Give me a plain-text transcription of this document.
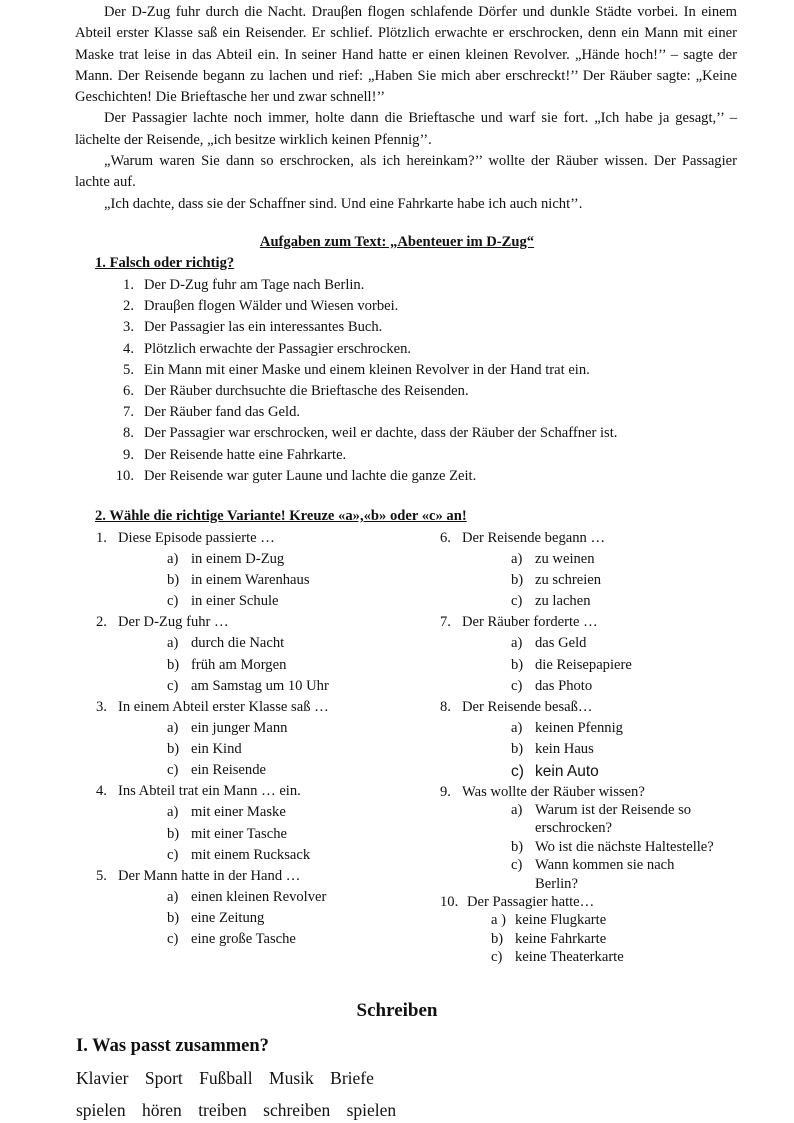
Der D-Zug fuhr durch die Nacht. Drauβen flogen schlafende Dörfer und dunkle Städte vorbei. In einem Abteil erster Klasse saß ein Reisender. Er schlief. Plötzlich erwachte er erschrocken, denn ein Mann mit einer Maske trat leise in das Abteil ein. In seiner Hand hatte er einen kleinen Revolver. „Hände hoch!’’ – sagte der Mann. Der Reisende begann zu lachen und rief: „Haben Sie mich aber erschreckt!’’ Der Räuber sagte: „Keine Geschichten! Die Brieftasche her und zwar schnell!’’

Der Passagier lachte noch immer, holte dann die Brieftasche und warf sie fort. „Ich habe ja gesagt,’’ – lächelte der Reisende, „ich besitze wirklich keinen Pfennig’’.

„Warum waren Sie dann so erschrocken, als ich hereinkam?’’ wollte der Räuber wissen. Der Passagier lachte auf.

„Ich dachte, dass sie der Schaffner sind. Und eine Fahrkarte habe ich auch nicht’’.

Aufgaben zum Text: „Abenteuer im D-Zug“
1. Falsch oder richtig?
1. Der D-Zug fuhr am Tage nach Berlin.
2. Drauβen flogen Wälder und Wiesen vorbei.
3. Der Passagier las ein interessantes Buch.
4. Plötzlich erwachte der Passagier erschrocken.
5. Ein Mann mit einer Maske und einem kleinen Revolver in der Hand trat ein.
6. Der Räuber durchsuchte die Brieftasche des Reisenden.
7. Der Räuber fand das Geld.
8. Der Passagier war erschrocken, weil er dachte, dass der Räuber der Schaffner ist.
9. Der Reisende hatte eine Fahrkarte.
10. Der Reisende war guter Laune und lachte die ganze Zeit.
2. Wähle die richtige Variante! Kreuze «a»,«b» oder «c» an!
1. Diese Episode passierte …
a) in einem D-Zug
b) in einem Warenhaus
c) in einer Schule
2. Der D-Zug fuhr …
a) durch die Nacht
b) früh am Morgen
c) am Samstag um 10 Uhr
3. In einem Abteil erster Klasse saß …
a) ein junger Mann
b) ein Kind
c) ein Reisende
4. Ins Abteil trat ein Mann … ein.
a) mit einer Maske
b) mit einer Tasche
c) mit einem Rucksack
5. Der Mann hatte in der Hand …
a) einen kleinen Revolver
b) eine Zeitung
c) eine große Tasche
6. Der Reisende begann …
a) zu weinen
b) zu schreien
c) zu lachen
7. Der Räuber forderte …
a) das Geld
b) die Reisepapiere
c) das Photo
8. Der Reisende besaß…
a) keinen Pfennig
b) kein Haus
c) kein Auto
9. Was wollte der Räuber wissen?
a) Warum ist der Reisende so
erschrocken?
b) Wo ist die nächste Haltestelle?
c) Wann kommen sie nach
Berlin?
10. Der Passagier hatte…
a ) keine Flugkarte
b) keine Fahrkarte
c) keine Theaterkarte
Schreiben
I. Was passt zusammen?
Klavier Sport Fußball Musik Briefe
spielen hören treiben schreiben spielen
